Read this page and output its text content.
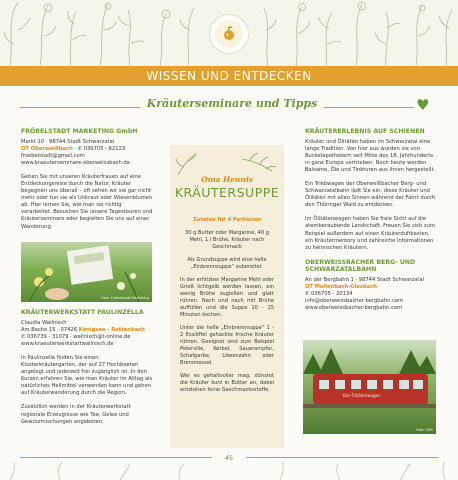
WISSEN UND ENTDECKEN
Kräuterseminare und Tipps	♥
FRÖBELSTADT MARKETING GmbH
Markt 10 · 98744 Stadt Schwarzatal
OT Oberweißbach · ✆ 036705 - 62123
froebelstadt@gmail.com
www.kraeuterseminare-oberweissbach.de

Gehen Sie mit unseren Kräuterfrauen auf eine Entdeckungsreise durch die Natur. Kräuter begegnen uns überall – oft sehen wir sie gar nicht mehr oder tun sie als Unkraut oder Wiesenblumen ab. Hier lernen Sie, wie man sie richtig verarbeitet. Besuchen Sie unsere Tagestouren und Kräuterseminare oder begleiten Sie uns auf einer Wanderung.

Foto: Fröbelstadt Marketing
KRÄUTERWERKSTATT PAULINZELLA
Claudia Wallnisch
Am Bache 15 · 07426 Königsee - Rottenbach
✆ 036739 - 31079 · wallnisch@t-online.de
www.kraeuterwerkstattwallnisch.de

In Paulinzella finden Sie einen Klosterkräutergarten, der auf 27 Hochbeeten angelegt und jederzeit frei zugänglich ist. In den Kurzen erfahren Sie, wie man Kräuter im Alltag als natürliches Heilmittel verwenden kann und gehen auf Kräuterwanderung durch die Region.

Zusätzlich werden in der Kräuterwerkstatt regionale Erzeugnisse wie Tee, Gelee und Gewürzmischungen angeboten.

Oma Hennis
KRÄUTERSUPPE

Zutaten für 4 Portionen

30 g Butter oder Margarine, 40 g Mehl, 1 l Brühe, Kräuter nach Geschmack

Als Grundsuppe wird eine helle „Einbrennsuppe“ zubereitet.

In der erhitzten Margarine Mehl oder Grieß lichtgelb werden lassen, ein wenig Brühe zugießen und glatt rühren. Nach und nach mit Brühe auffüllen und die Suppe 10 - 15 Minuten kochen.

Unter die helle „Einbrennsuppe“ 1 - 2 Esslöffel gehackte frische Kräuter rühren. Geeignet sind zum Beispiel Petersilie, Kerbel, Sauerampfer, Schafgarbe, Löwenzahn oder Brennnessel.

Wer es gehaltvoller mag, dünstet die Kräuter kurz in Butter an, dabei entstehen feine Geschmacksstoffe.

KRÄUTERERLEBNIS AUF SCHIENEN

Kräuter und Ölitäten haben im Schwarzatal eine lange Tradition. Von hier aus wurden sie von Buckelapothekern seit Mitte des 18. Jahrhunderts in ganz Europa vertrieben. Noch heute werden Balsame, Öle und Tinkturen aus ihnen hergestellt.

Ein Triebwagen der Oberweißbacher Berg- und Schwarzatalbahn lädt Sie ein, diese Kräuter und Ölitäten mit allen Sinnen während der Fahrt durch den Thüringer Wald zu entdecken.

Im Ölitätenwagen haben Sie freie Sicht auf die atemberaubende Landschaft. Freuen Sie sich zum Beispiel außerdem auf einen Kräuterduftkasten, ein Kräutermemory und zahlreiche Informationen zu heimischen Kräutern.

OBERWEISSBACHER BERG- UND SCHWARZATALBAHN
An der Bergbahn 1 · 98744 Stadt Schwarzatal
OT Mellenbach-Glasbach
✆ 036705 - 20134
info@oberweissbacher-bergbahn.com
www.oberweissbacher-bergbahn.com
Der Ölitätenwagen
Foto: OBS
45
